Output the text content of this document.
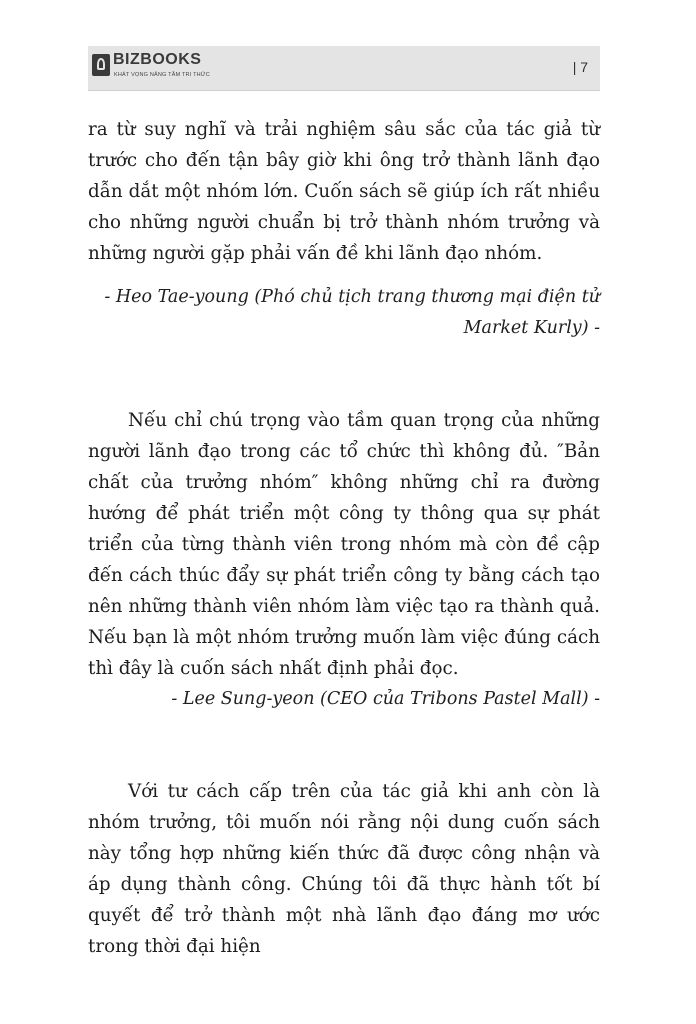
BIZBOOKS
KHÁT VỌNG NÂNG TẦM TRI THỨC	| 7

ra từ suy nghĩ và trải nghiệm sâu sắc của tác giả từ trước cho đến tận bây giờ khi ông trở thành lãnh đạo dẫn dắt một nhóm lớn. Cuốn sách sẽ giúp ích rất nhiều cho những người chuẩn bị trở thành nhóm trưởng và những người gặp phải vấn đề khi lãnh đạo nhóm.

- Heo Tae-young (Phó chủ tịch trang thương mại điện tử Market Kurly) -

Nếu chỉ chú trọng vào tầm quan trọng của những người lãnh đạo trong các tổ chức thì không đủ. ″Bản chất của trưởng nhóm″ không những chỉ ra đường hướng để phát triển một công ty thông qua sự phát triển của từng thành viên trong nhóm mà còn đề cập đến cách thúc đẩy sự phát triển công ty bằng cách tạo nên những thành viên nhóm làm việc tạo ra thành quả. Nếu bạn là một nhóm trưởng muốn làm việc đúng cách thì đây là cuốn sách nhất định phải đọc.

- Lee Sung-yeon (CEO của Tribons Pastel Mall) -

Với tư cách cấp trên của tác giả khi anh còn là nhóm trưởng, tôi muốn nói rằng nội dung cuốn sách này tổng hợp những kiến thức đã được công nhận và áp dụng thành công. Chúng tôi đã thực hành tốt bí quyết để trở thành một nhà lãnh đạo đáng mơ ước trong thời đại hiện
